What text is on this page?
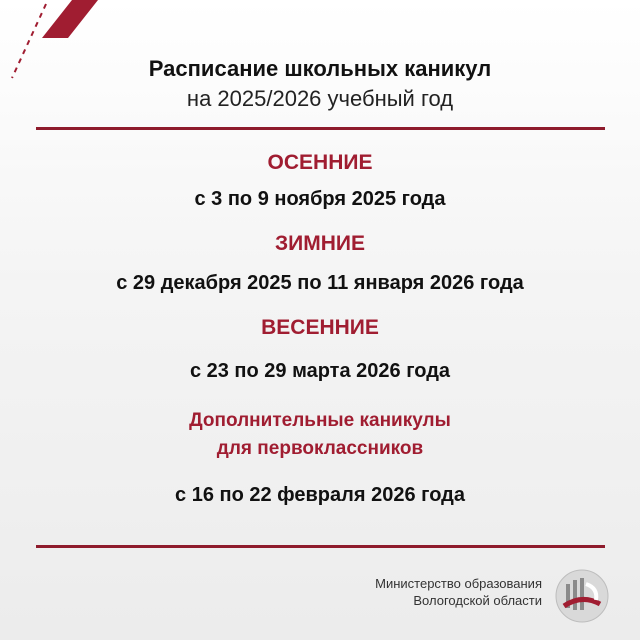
Расписание школьных каникул
на 2025/2026 учебный год
ОСЕННИЕ
с 3 по 9 ноября 2025 года
ЗИМНИЕ
с 29 декабря 2025 по 11 января 2026 года
ВЕСЕННИЕ
с 23 по 29 марта 2026 года
Дополнительные каникулы
для первоклассников
с 16 по 22 февраля 2026 года
Министерство образования
Вологодской области
